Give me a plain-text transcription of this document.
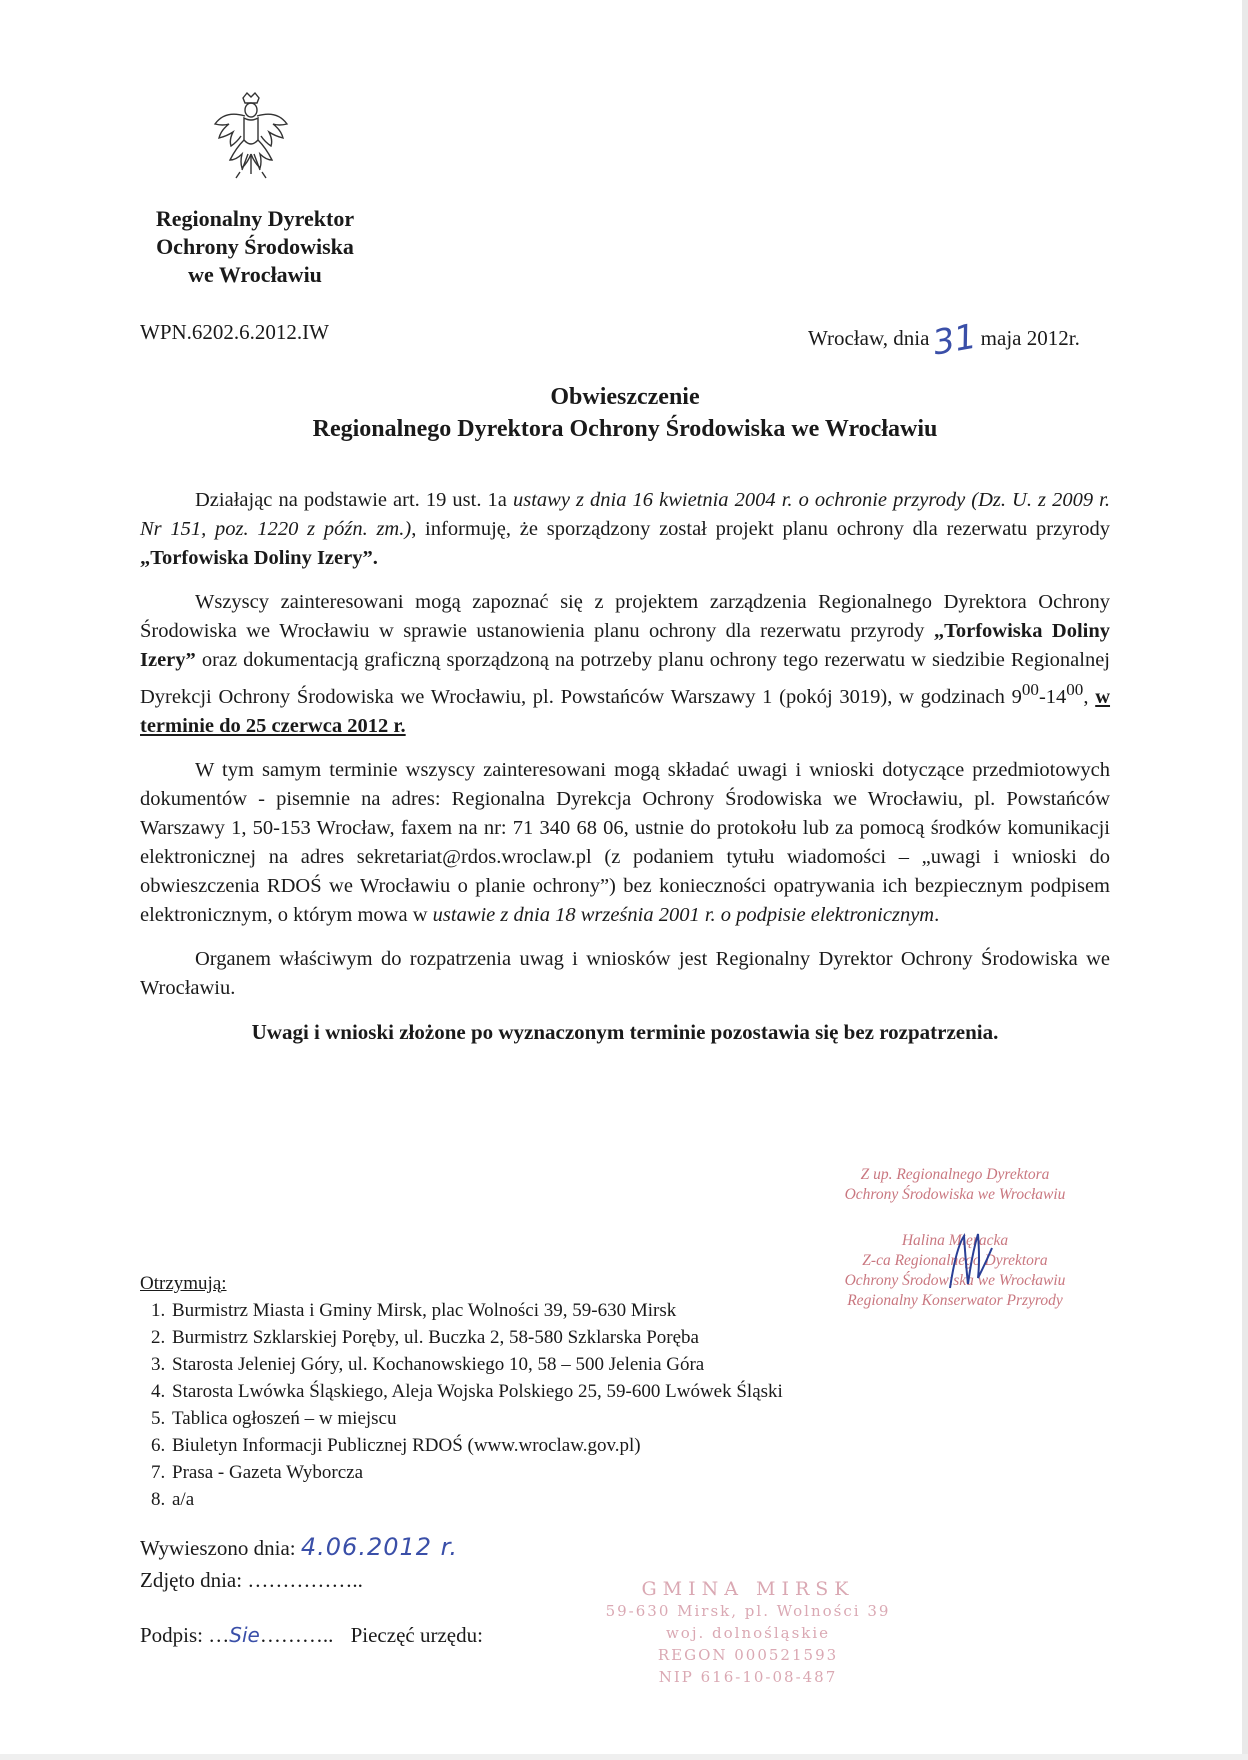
Regionalny Dyrektor
Ochrony Środowiska
we Wrocławiu
WPN.6202.6.2012.IW	Wrocław, dnia31maja 2012r.
Obwieszczenie
Regionalnego Dyrektora Ochrony Środowiska we Wrocławiu

Działając na podstawie art. 19 ust. 1a ustawy z dnia 16 kwietnia 2004 r. o ochronie przyrody (Dz. U. z 2009 r. Nr 151, poz. 1220 z późn. zm.), informuję, że sporządzony został projekt planu ochrony dla rezerwatu przyrody „Torfowiska Doliny Izery”.

Wszyscy zainteresowani mogą zapoznać się z projektem zarządzenia Regionalnego Dyrektora Ochrony Środowiska we Wrocławiu w sprawie ustanowienia planu ochrony dla rezerwatu przyrody „Torfowiska Doliny Izery” oraz dokumentacją graficzną sporządzoną na potrzeby planu ochrony tego rezerwatu w siedzibie Regionalnej Dyrekcji Ochrony Środowiska we Wrocławiu, pl. Powstańców Warszawy 1 (pokój 3019), w godzinach $9^{00}-14^{00}$, w terminie do 25 czerwca 2012 r.

W tym samym terminie wszyscy zainteresowani mogą składać uwagi i wnioski dotyczące przedmiotowych dokumentów - pisemnie na adres: Regionalna Dyrekcja Ochrony Środowiska we Wrocławiu, pl. Powstańców Warszawy 1, 50-153 Wrocław, faxem na nr: 71 340 68 06, ustnie do protokołu lub za pomocą środków komunikacji elektronicznej na adres sekretariat@rdos.wroclaw.pl (z podaniem tytułu wiadomości – „uwagi i wnioski do obwieszczenia RDOŚ we Wrocławiu o planie ochrony”) bez konieczności opatrywania ich bezpiecznym podpisem elektronicznym, o którym mowa w ustawie z dnia 18 września 2001 r. o podpisie elektronicznym.

Organem właściwym do rozpatrzenia uwag i wniosków jest Regionalny Dyrektor Ochrony Środowiska we Wrocławiu.

Uwagi i wnioski złożone po wyznaczonym terminie pozostawia się bez rozpatrzenia.

Z up. Regionalnego Dyrektora
Ochrony Środowiska we Wrocławiu
Halina Mięracka
Z-ca Regionalnego Dyrektora
Ochrony Środowiska we Wrocławiu
Regionalny Konserwator Przyrody
Otrzymują:
1. Burmistrz Miasta i Gminy Mirsk, plac Wolności 39, 59-630 Mirsk
2. Burmistrz Szklarskiej Poręby, ul. Buczka 2, 58-580 Szklarska Poręba
3. Starosta Jeleniej Góry, ul. Kochanowskiego 10, 58 – 500 Jelenia Góra
4. Starosta Lwówka Śląskiego, Aleja Wojska Polskiego 25, 59-600 Lwówek Śląski
5. Tablica ogłoszeń – w miejscu
6. Biuletyn Informacji Publicznej RDOŚ (www.wroclaw.gov.pl)
7. Prasa - Gazeta Wyborcza
8. a/a
Wywieszono dnia: 4.06.2012 r.
Zdjęto dnia: ……………..
Podpis: …Sie……….. Pieczęć urzędu:
GMINA MIRSK
59-630 Mirsk, pl. Wolności 39
woj. dolnośląskie
REGON 000521593
NIP 616-10-08-487
